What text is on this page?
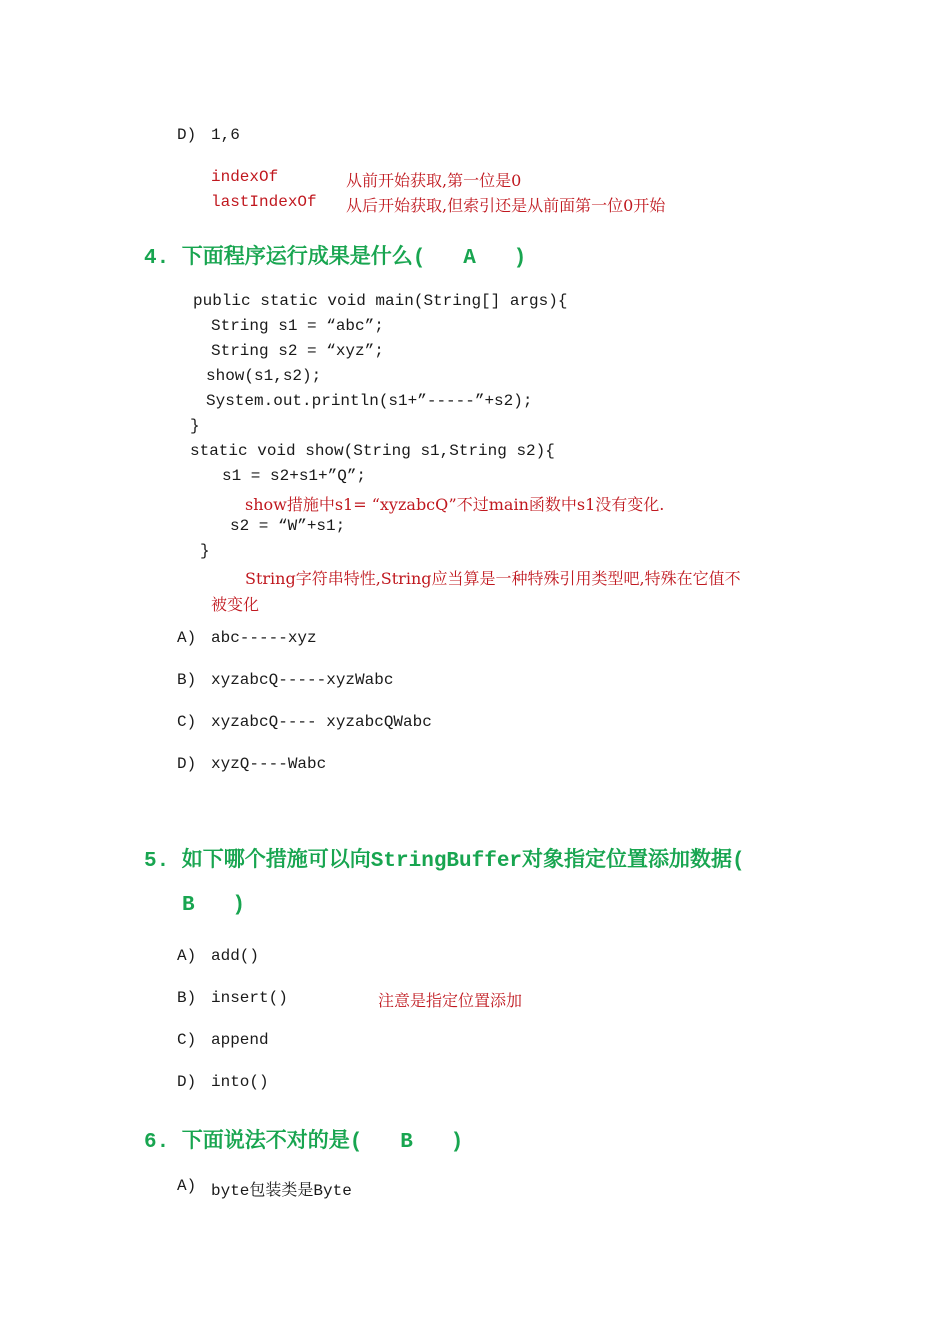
D) 1,6
indexOf	从前开始获取,第一位是0
lastIndexOf 从后开始获取,但索引还是从前面第一位0开始
4. 下面程序运行成果是什么(   A   )
public static void main(String[] args){
String s1 = “abc”;
String s2 = “xyz”;
show(s1,s2);
System.out.println(s1+”-----”+s2);
}
static void show(String s1,String s2){
s1 = s2+s1+”Q”;
show措施中s1= “xyzabcQ”不过main函数中s1没有变化.
s2 = “W”+s1;
}
String字符串特性,String应当算是一种特殊引用类型吧,特殊在它值不
被变化
A) abc-----xyz
B) xyzabcQ-----xyzWabc
C) xyzabcQ---- xyzabcQWabc
D) xyzQ----Wabc
5. 如下哪个措施可以向StringBuffer对象指定位置添加数据(
B   )
A) add()
B) insert()	注意是指定位置添加
C) append
D) into()
6. 下面说法不对的是(   B   )
A) byte包装类是Byte
